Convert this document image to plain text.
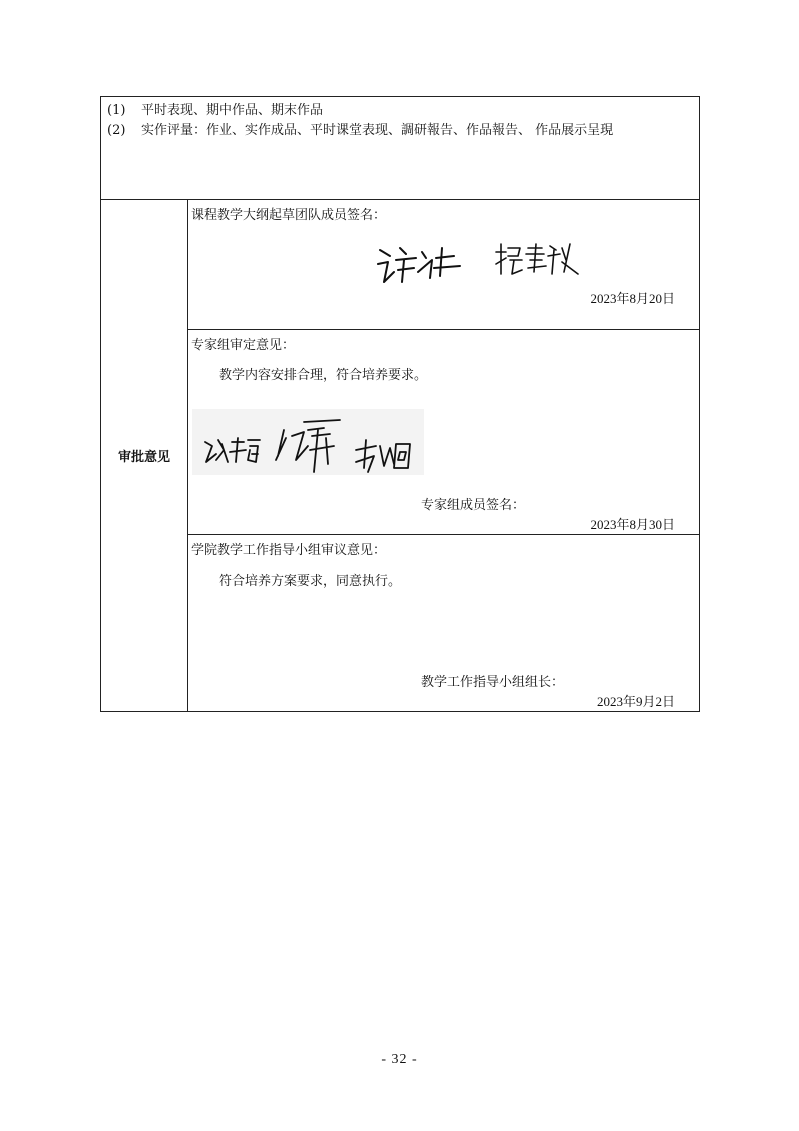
(1)	平时表现、期中作品、期末作品
(2)	实作评量：作业、实作成品、平时课堂表现、調研報告、作品報告、 作品展示呈現

审批意见	
课程教学大纲起草团队成员签名：
2023年8月20日

专家组审定意见：
教学内容安排合理，符合培养要求。
专家组成员签名：
2023年8月30日

学院教学工作指导小组审议意见：
符合培养方案要求，同意执行。
教学工作指导小组组长：
2023年9月2日
- 32 -
